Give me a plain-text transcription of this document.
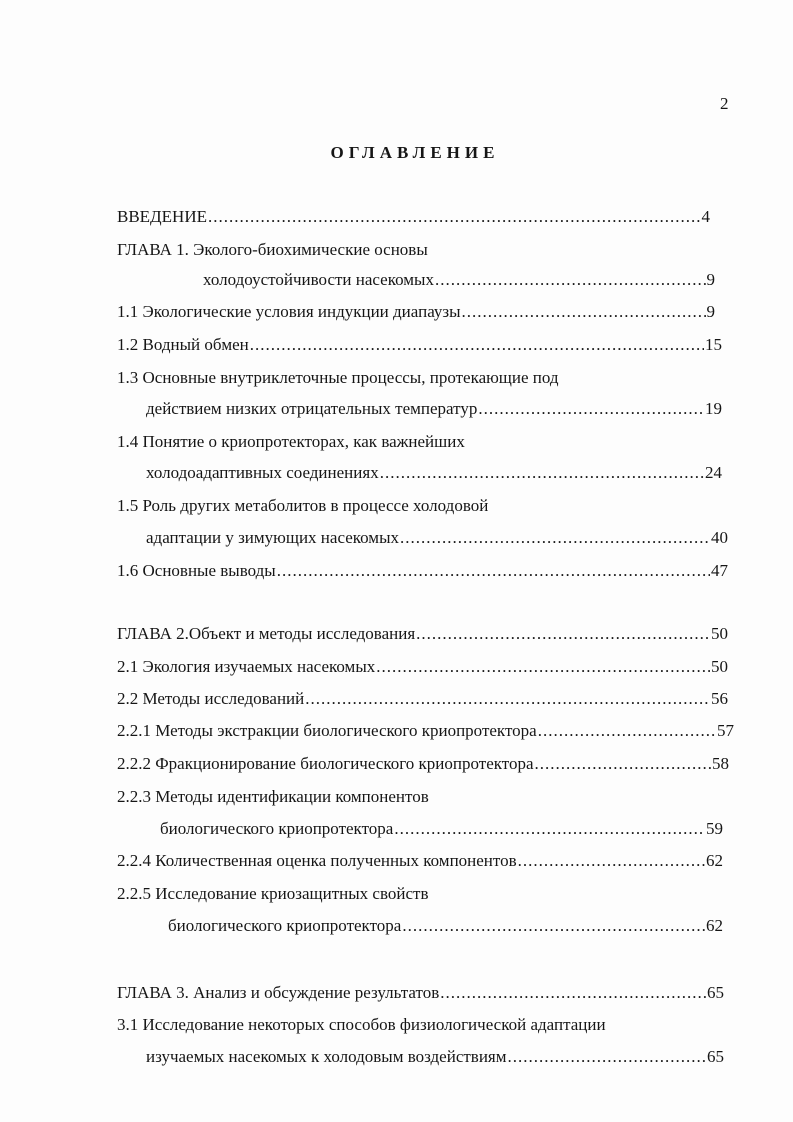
2
ОГЛАВЛЕНИЕ
ВВЕДЕНИЕ .....	4
ГЛАВА 1. Эколого-биохимические основы
холодоустойчивости насекомых .....	9
1.1 Экологические условия индукции диапаузы .....	9
1.2 Водный обмен .....	15
1.3 Основные внутриклеточные процессы, протекающие под
действием низких отрицательных температур .....	19
1.4 Понятие о криопротекторах, как важнейших
холодоадаптивных соединениях .....	24
1.5 Роль других метаболитов в процессе холодовой
адаптации у зимующих насекомых .....	40
1.6 Основные выводы .....	47
ГЛАВА 2.Объект и методы исследования .....	50
2.1 Экология изучаемых насекомых .....	50
2.2 Методы исследований .....	56
2.2.1 Методы экстракции биологического криопротектора .....	57
2.2.2 Фракционирование биологического криопротектора .....	58
2.2.3 Методы идентификации компонентов
биологического криопротектора .....	59
2.2.4 Количественная оценка полученных компонентов .....	62
2.2.5 Исследование криозащитных свойств
биологического криопротектора .....	62
ГЛАВА 3. Анализ и обсуждение результатов .....	65
3.1 Исследование некоторых способов физиологической адаптации
изучаемых насекомых к холодовым воздействиям .....	65
